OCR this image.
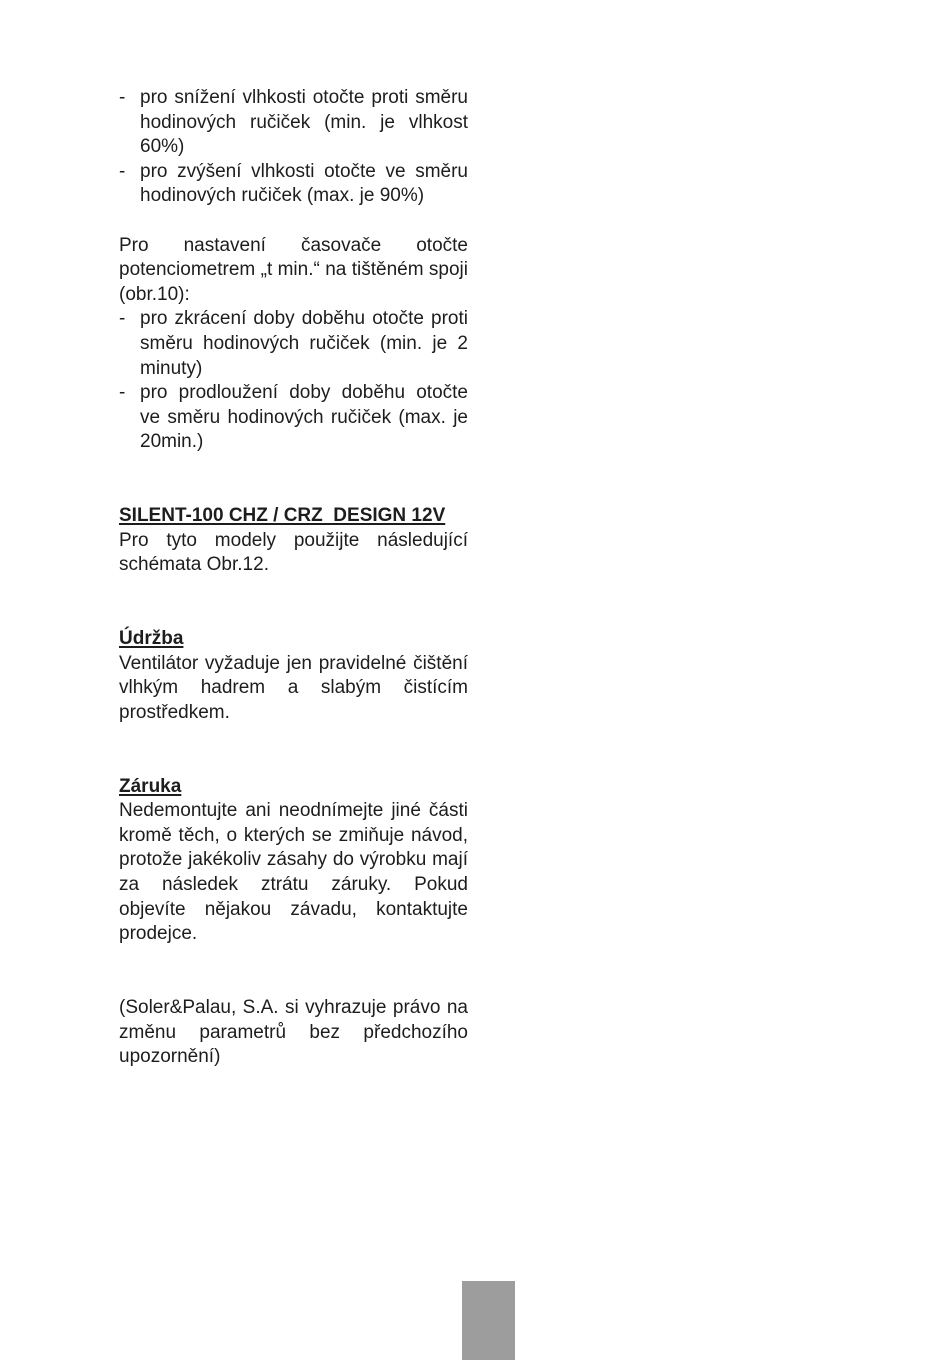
- pro snížení vlhkosti otočte proti směru hodinových ručiček (min. je vlhkost 60%)
- pro zvýšení vlhkosti otočte ve směru hodinových ručiček (max. je 90%)

Pro nastavení časovače otočte potenciometrem „t min.“ na tištěném spoji (obr.10):

- pro zkrácení doby doběhu otočte proti směru hodinových ručiček (min. je 2 minuty)
- pro prodloužení doby doběhu otočte ve směru hodinových ručiček (max. je 20min.)

SILENT-100 CHZ / CRZ  DESIGN 12V

Pro tyto modely použijte následující schémata Obr.12.

Údržba

Ventilátor vyžaduje jen pravidelné čištění vlhkým hadrem a slabým čistícím prostředkem.

Záruka

Nedemontujte ani neodnímejte jiné části kromě těch, o kterých se zmiňuje návod, protože jakékoliv zásahy do výrobku mají za následek ztrátu záruky. Pokud objevíte nějakou závadu, kontaktujte prodejce.

(Soler&Palau, S.A. si vyhrazuje právo na změnu parametrů bez předchozího upozornění)
